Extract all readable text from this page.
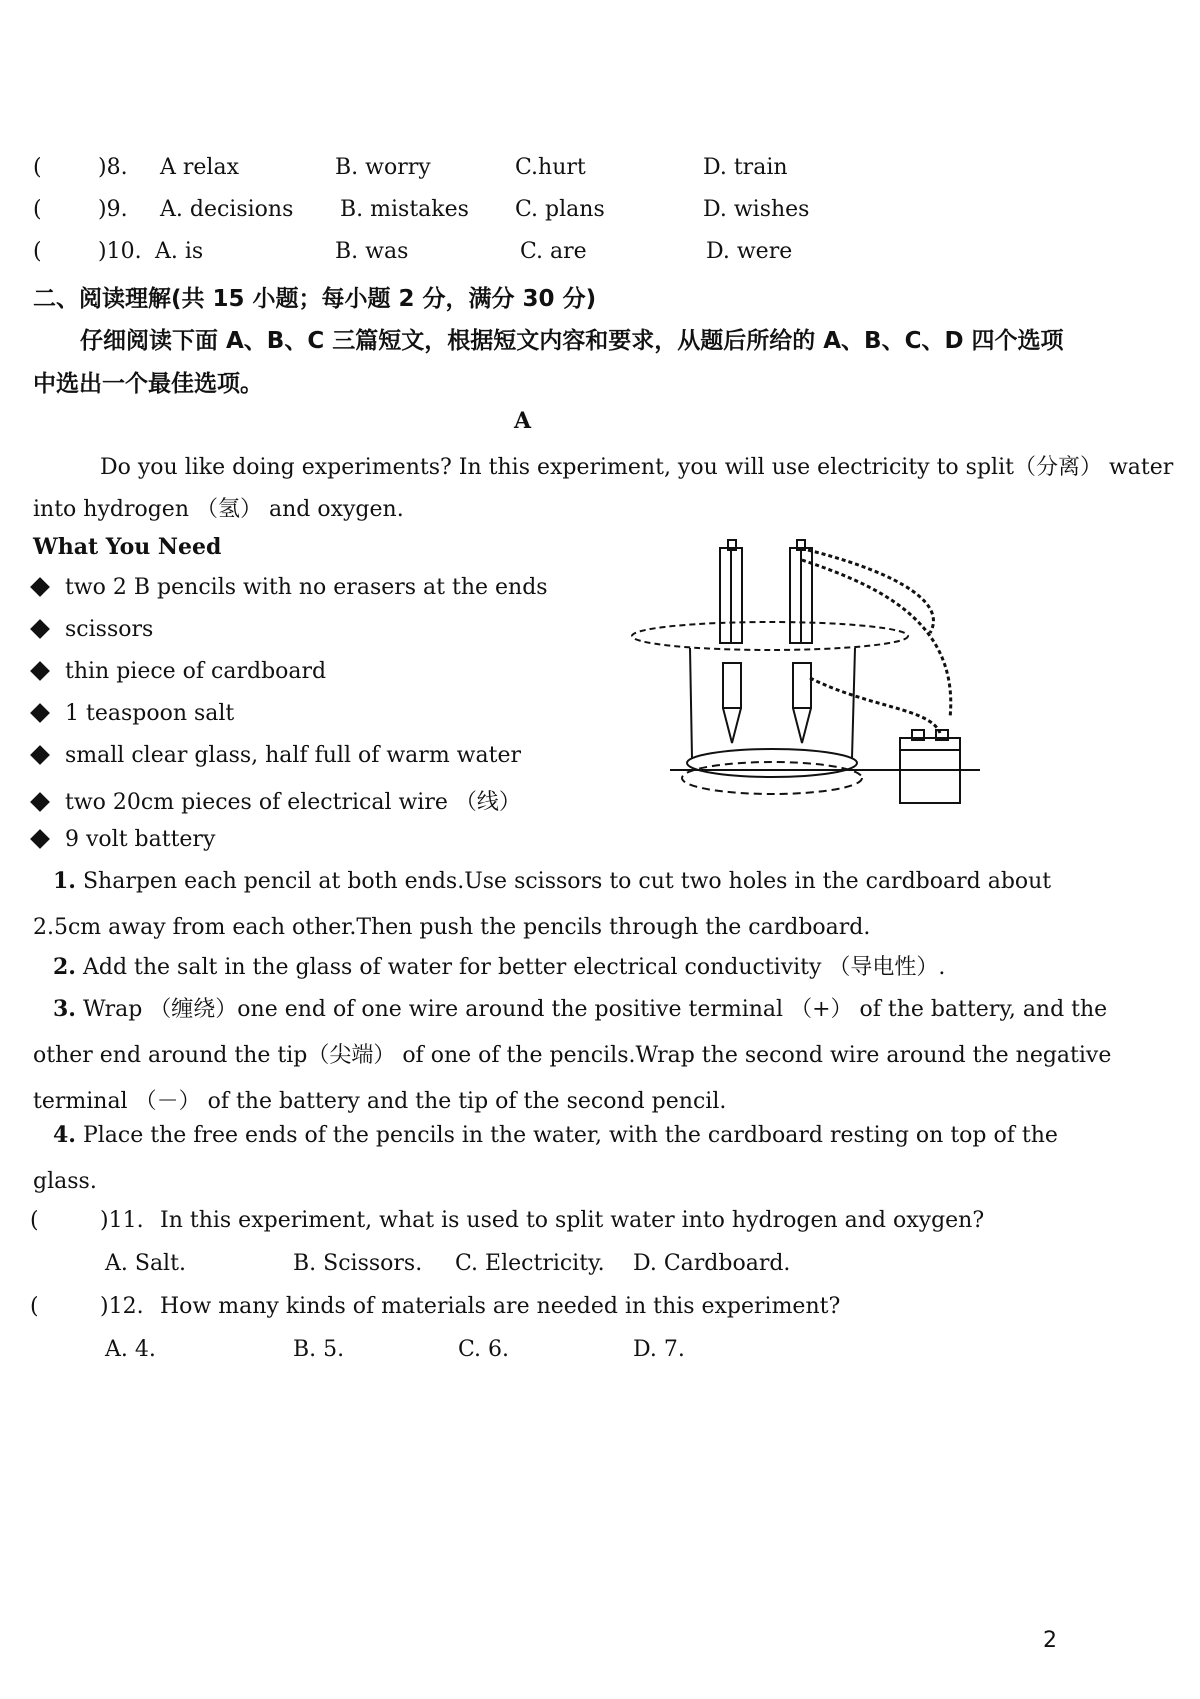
(	)8. A relax	B. worry	C.hurt	D. train
(	)9. A. decisions B. mistakes C. plans	D. wishes
(	)10. A. is	B. was	C. are	D. were
二、阅读理解(共 15 小题；每小题 2 分，满分 30 分)
仔细阅读下面 A、B、C 三篇短文，根据短文内容和要求，从题后所给的 A、B、C、D 四个选项
中选出一个最佳选项。
A
Do you like doing experiments? In this experiment, you will use electricity to split（分离） water
into hydrogen （氢） and oxygen.
What You Need
two 2 B pencils with no erasers at the ends
scissors
thin piece of cardboard
1 teaspoon salt
small clear glass, half full of warm water
two 20cm pieces of electrical wire （线）
9 volt battery
1. Sharpen each pencil at both ends.Use scissors to cut two holes in the cardboard about 2.5cm away from each other.Then push the pencils through the cardboard.
2. Add the salt in the glass of water for better electrical conductivity （导电性）.
3. Wrap （缠绕）one end of one wire around the positive terminal （+） of the battery, and the other end around the tip（尖端） of one of the pencils.Wrap the second wire around the negative terminal （－） of the battery and the tip of the second pencil.
4. Place the free ends of the pencils in the water, with the cardboard resting on top of the glass.
(	)11. In this experiment, what is used to split water into hydrogen and oxygen?
A. Salt.	B. Scissors. C. Electricity. D. Cardboard.
(	)12. How many kinds of materials are needed in this experiment?
A. 4.	B. 5.	C. 6.	D. 7.
2
